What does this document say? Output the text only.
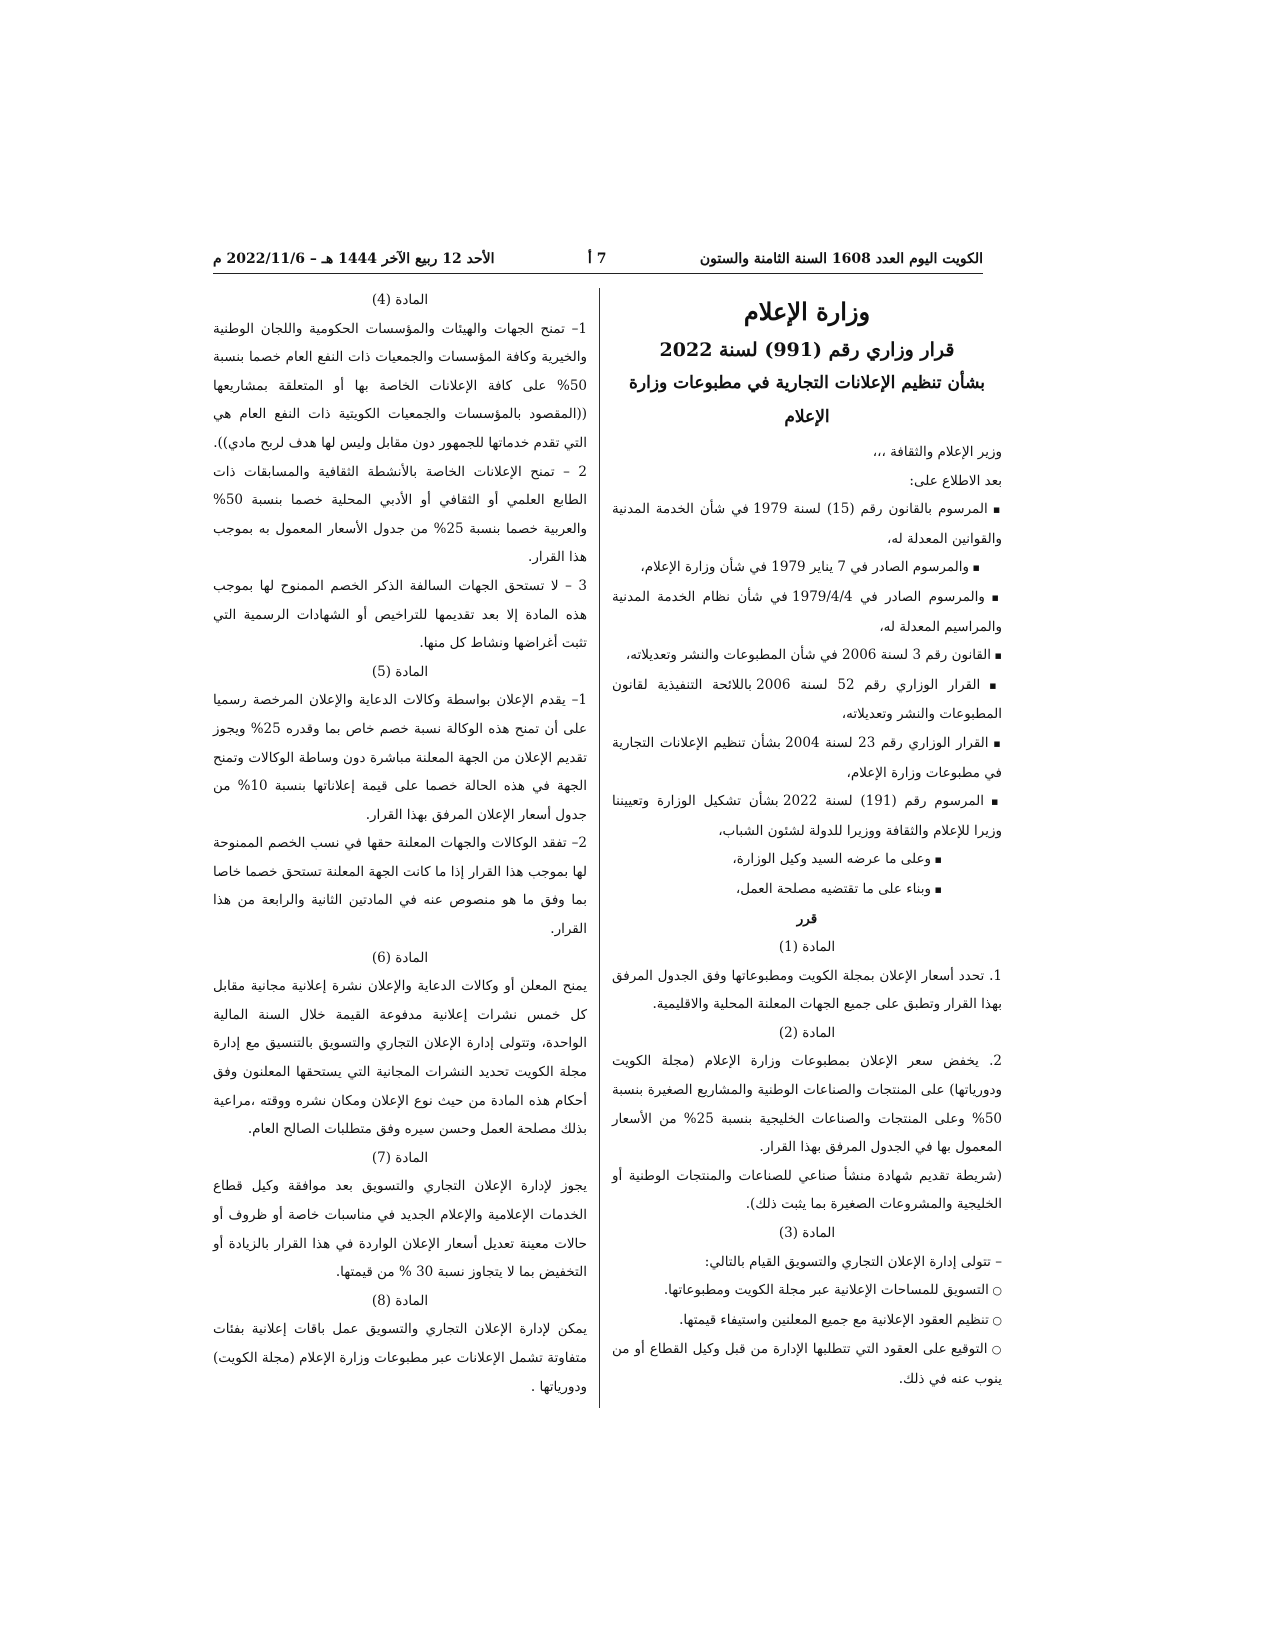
الكويت اليوم العدد 1608 السنة الثامنة والستون
7 أ
الأحد 12 ربيع الآخر 1444 هـ – 2022/11/6 م
وزارة الإعلام
قرار وزاري رقم (991) لسنة 2022
بشأن تنظيم الإعلانات التجارية في مطبوعات وزارة
الإعلام

وزير الإعلام والثقافة ،،،

بعد الاطلاع على:

▪ المرسوم بالقانون رقم (15) لسنة 1979 في شأن الخدمة المدنية والقوانين المعدلة له،

▪ والمرسوم الصادر في 7 يناير 1979 في شأن وزارة الإعلام،

▪ والمرسوم الصادر في 1979/4/4 في شأن نظام الخدمة المدنية والمراسيم المعدلة له،

▪ القانون رقم 3 لسنة 2006 في شأن المطبوعات والنشر وتعديلاته،

▪ القرار الوزاري رقم 52 لسنة 2006 باللائحة التنفيذية لقانون المطبوعات والنشر وتعديلاته،

▪ القرار الوزاري رقم 23 لسنة 2004 بشأن تنظيم الإعلانات التجارية في مطبوعات وزارة الإعلام،

▪ المرسوم رقم (191) لسنة 2022 بشأن تشكيل الوزارة وتعييننا وزيرا للإعلام والثقافة ووزيرا للدولة لشئون الشباب،

▪ وعلى ما عرضه السيد وكيل الوزارة،

▪ وبناء على ما تقتضيه مصلحة العمل،

قرر

المادة (1)

1. تحدد أسعار الإعلان بمجلة الكويت ومطبوعاتها وفق الجدول المرفق بهذا القرار وتطبق على جميع الجهات المعلنة المحلية والاقليمية.

المادة (2)

2. يخفض سعر الإعلان بمطبوعات وزارة الإعلام (مجلة الكويت ودورياتها) على المنتجات والصناعات الوطنية والمشاريع الصغيرة بنسبة 50% وعلى المنتجات والصناعات الخليجية بنسبة 25% من الأسعار المعمول بها في الجدول المرفق بهذا القرار.

(شريطة تقديم شهادة منشأ صناعي للصناعات والمنتجات الوطنية أو الخليجية والمشروعات الصغيرة بما يثبت ذلك).

المادة (3)

– تتولى إدارة الإعلان التجاري والتسويق القيام بالتالي:

○ التسويق للمساحات الإعلانية عبر مجلة الكويت ومطبوعاتها.

○ تنظيم العقود الإعلانية مع جميع المعلنين واستيفاء قيمتها.

○ التوقيع على العقود التي تتطلبها الإدارة من قبل وكيل القطاع أو من ينوب عنه في ذلك.

المادة (4)

1– تمنح الجهات والهيئات والمؤسسات الحكومية واللجان الوطنية والخيرية وكافة المؤسسات والجمعيات ذات النفع العام خصما بنسبة 50% على كافة الإعلانات الخاصة بها أو المتعلقة بمشاريعها ((المقصود بالمؤسسات والجمعيات الكويتية ذات النفع العام هي التي تقدم خدماتها للجمهور دون مقابل وليس لها هدف لربح مادي)).

2 – تمنح الإعلانات الخاصة بالأنشطة الثقافية والمسابقات ذات الطابع العلمي أو الثقافي أو الأدبي المحلية خصما بنسبة 50% والعربية خصما بنسبة 25% من جدول الأسعار المعمول به بموجب هذا القرار.

3 – لا تستحق الجهات السالفة الذكر الخصم الممنوح لها بموجب هذه المادة إلا بعد تقديمها للتراخيص أو الشهادات الرسمية التي تثبت أغراضها ونشاط كل منها.

المادة (5)

1– يقدم الإعلان بواسطة وكالات الدعاية والإعلان المرخصة رسميا على أن تمنح هذه الوكالة نسبة خصم خاص بما وقدره 25% ويجوز تقديم الإعلان من الجهة المعلنة مباشرة دون وساطة الوكالات وتمنح الجهة في هذه الحالة خصما على قيمة إعلاناتها بنسبة 10% من جدول أسعار الإعلان المرفق بهذا القرار.

2– تفقد الوكالات والجهات المعلنة حقها في نسب الخصم الممنوحة لها بموجب هذا القرار إذا ما كانت الجهة المعلنة تستحق خصما خاصا بما وفق ما هو منصوص عنه في المادتين الثانية والرابعة من هذا القرار.

المادة (6)

يمنح المعلن أو وكالات الدعاية والإعلان نشرة إعلانية مجانية مقابل كل خمس نشرات إعلانية مدفوعة القيمة خلال السنة المالية الواحدة، وتتولى إدارة الإعلان التجاري والتسويق بالتنسيق مع إدارة مجلة الكويت تحديد النشرات المجانية التي يستحقها المعلنون وفق أحكام هذه المادة من حيث نوع الإعلان ومكان نشره ووقته ،مراعية بذلك مصلحة العمل وحسن سيره وفق متطلبات الصالح العام.

المادة (7)

يجوز لإدارة الإعلان التجاري والتسويق بعد موافقة وكيل قطاع الخدمات الإعلامية والإعلام الجديد في مناسبات خاصة أو ظروف أو حالات معينة تعديل أسعار الإعلان الواردة في هذا القرار بالزيادة أو التخفيض بما لا يتجاوز نسبة 30 % من قيمتها.

المادة (8)

يمكن لإدارة الإعلان التجاري والتسويق عمل باقات إعلانية بفئات متفاوتة تشمل الإعلانات عبر مطبوعات وزارة الإعلام (مجلة الكويت) ودورياتها .
